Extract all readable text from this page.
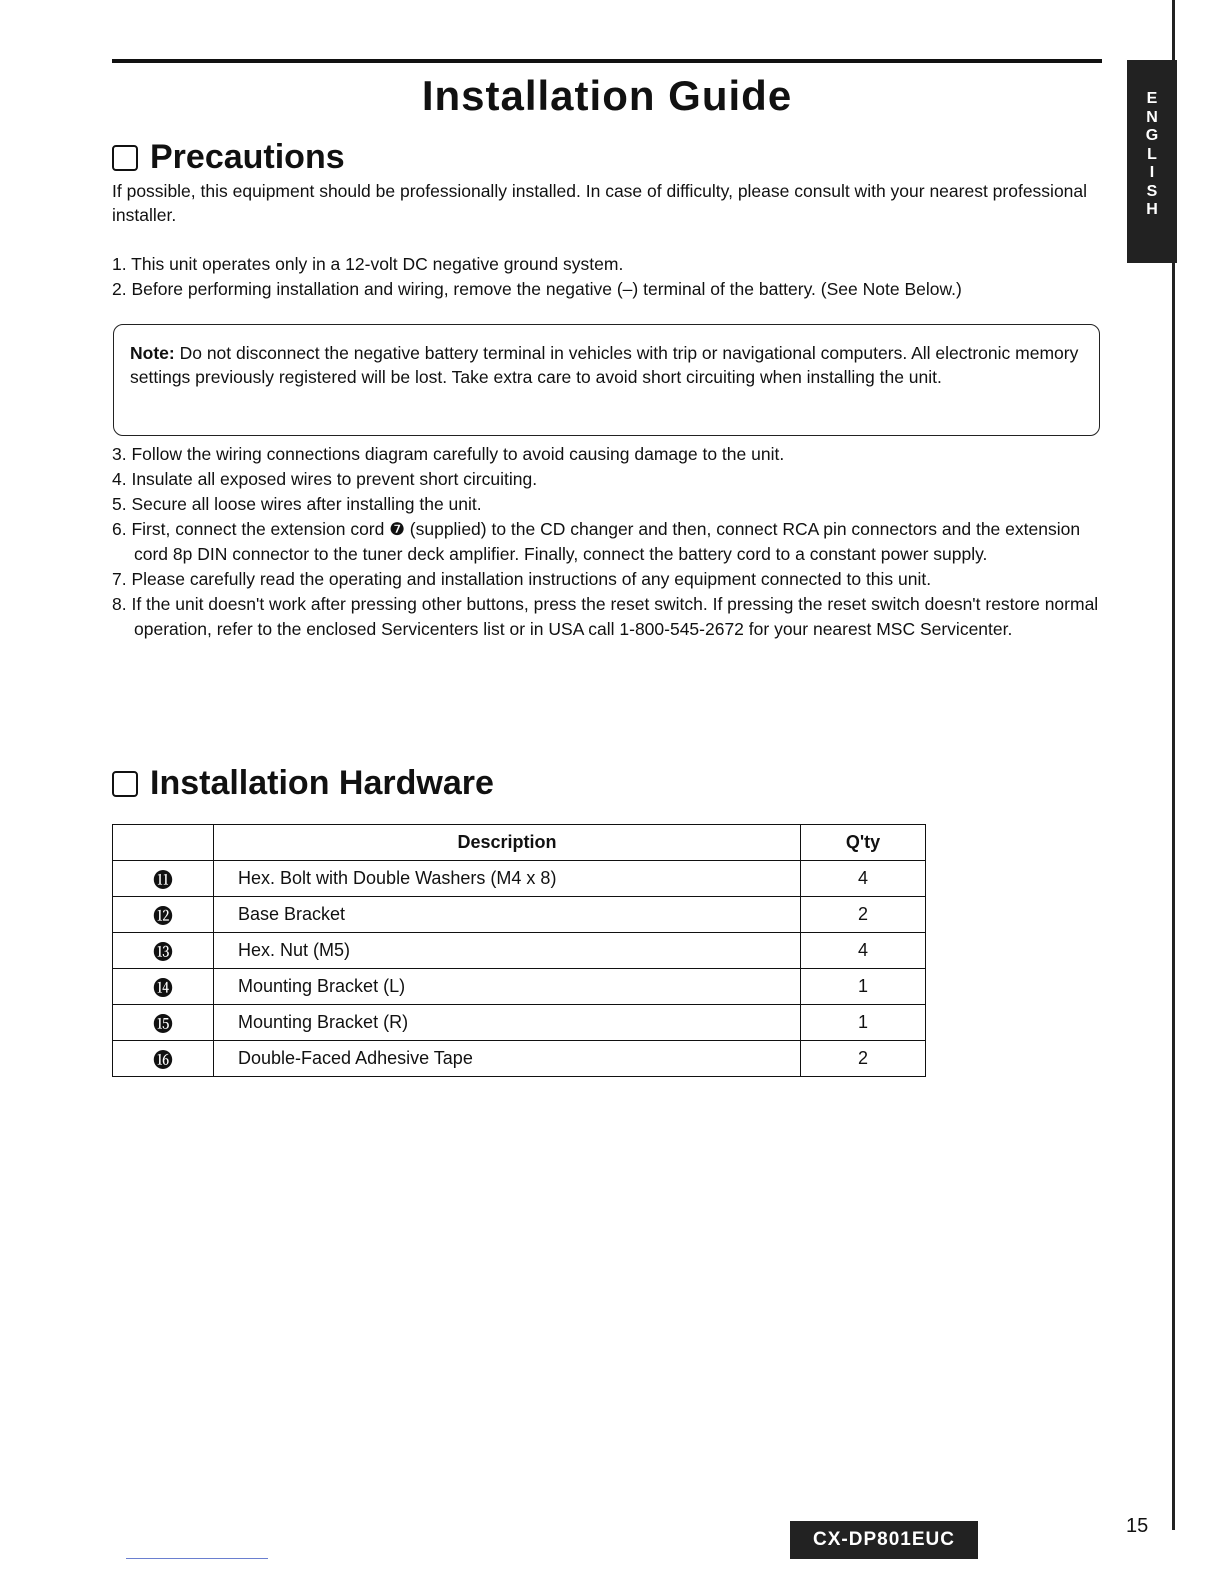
Installation Guide	E
N
G
L
I
S
H
Precautions
If possible, this equipment should be professionally installed. In case of difficulty, please consult with your nearest professional installer.
1. This unit operates only in a 12-volt DC negative ground system.
2. Before performing installation and wiring, remove the negative (–) terminal of the battery. (See Note Below.)
Note: Do not disconnect the negative battery terminal in vehicles with trip or navigational computers. All electronic memory settings previously registered will be lost. Take extra care to avoid short circuiting when installing the unit.
3. Follow the wiring connections diagram carefully to avoid causing damage to the unit.
4. Insulate all exposed wires to prevent short circuiting.
5. Secure all loose wires after installing the unit.
6. First, connect the extension cord ❼ (supplied) to the CD changer and then, connect RCA pin connectors and the extension cord 8p DIN connector to the tuner deck amplifier. Finally, connect the battery cord to a constant power supply.
7. Please carefully read the operating and installation instructions of any equipment connected to this unit.
8. If the unit doesn't work after pressing other buttons, press the reset switch. If pressing the reset switch doesn't restore normal operation, refer to the enclosed Servicenters list or in USA call 1-800-545-2672 for your nearest MSC Servicenter.
Installation Hardware
	Description	Q'ty
⓫	Hex. Bolt with Double Washers (M4 x 8)	4
⓬	Base Bracket	2
⓭	Hex. Nut (M5)	4
⓮	Mounting Bracket (L)	1
⓯	Mounting Bracket (R)	1
⓰	Double-Faced Adhesive Tape	2
CX-DP801EUC
15
